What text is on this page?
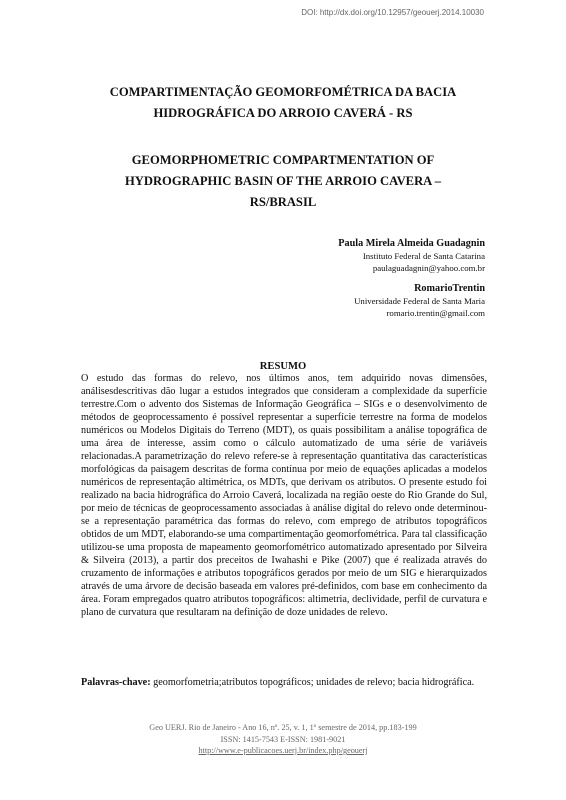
DOI: http://dx.doi.org/10.12957/geouerj.2014.10030
COMPARTIMENTAÇÃO GEOMORFOMÉTRICA DA BACIA
HIDROGRÁFICA DO ARROIO CAVERÁ - RS
GEOMORPHOMETRIC COMPARTMENTATION OF
HYDROGRAPHIC BASIN OF THE ARROIO CAVERA –
RS/BRASIL
Paula Mirela Almeida Guadagnin
Instituto Federal de Santa Catarina
paulaguadagnin@yahoo.com.br
RomarioTrentin
Universidade Federal de Santa Maria
romario.trentin@gmail.com
RESUMO
O estudo das formas do relevo, nos últimos anos, tem adquirido novas dimensões, análisesdescritivas dão lugar a estudos integrados que consideram a complexidade da superfície terrestre.Com o advento dos Sistemas de Informação Geográfica – SIGs e o desenvolvimento de métodos de geoprocessamento é possível representar a superfície terrestre na forma de modelos numéricos ou Modelos Digitais do Terreno (MDT), os quais possibilitam a análise topográfica de uma área de interesse, assim como o cálculo automatizado de uma série de variáveis relacionadas.A parametrização do relevo refere-se à representação quantitativa das características morfológicas da paisagem descritas de forma contínua por meio de equações aplicadas a modelos numéricos de representação altimétrica, os MDTs, que derivam os atributos. O presente estudo foi realizado na bacia hidrográfica do Arroio Caverá, localizada na região oeste do Rio Grande do Sul, por meio de técnicas de geoprocessamento associadas à análise digital do relevo onde determinou-se a representação paramétrica das formas do relevo, com emprego de atributos topográficos obtidos de um MDT, elaborando-se uma compartimentação geomorfométrica. Para tal classificação utilizou-se uma proposta de mapeamento geomorfométrico automatizado apresentado por Silveira & Silveira (2013), a partir dos preceitos de Iwahashi e Pike (2007) que é realizada através do cruzamento de informações e atributos topográficos gerados por meio de um SIG e hierarquizados através de uma árvore de decisão baseada em valores pré-definidos, com base em conhecimento da área. Foram empregados quatro atributos topográficos: altimetria, declividade, perfil de curvatura e plano de curvatura que resultaram na definição de doze unidades de relevo.
Palavras-chave: geomorfometria;atributos topográficos; unidades de relevo; bacia hidrográfica.
Geo UERJ. Rio de Janeiro - Ano 16, nº. 25, v. 1, 1º semestre de 2014, pp.183-199
ISSN: 1415-7543 E-ISSN: 1981-9021
http://www.e-publicacoes.uerj.br/index.php/geouerj
